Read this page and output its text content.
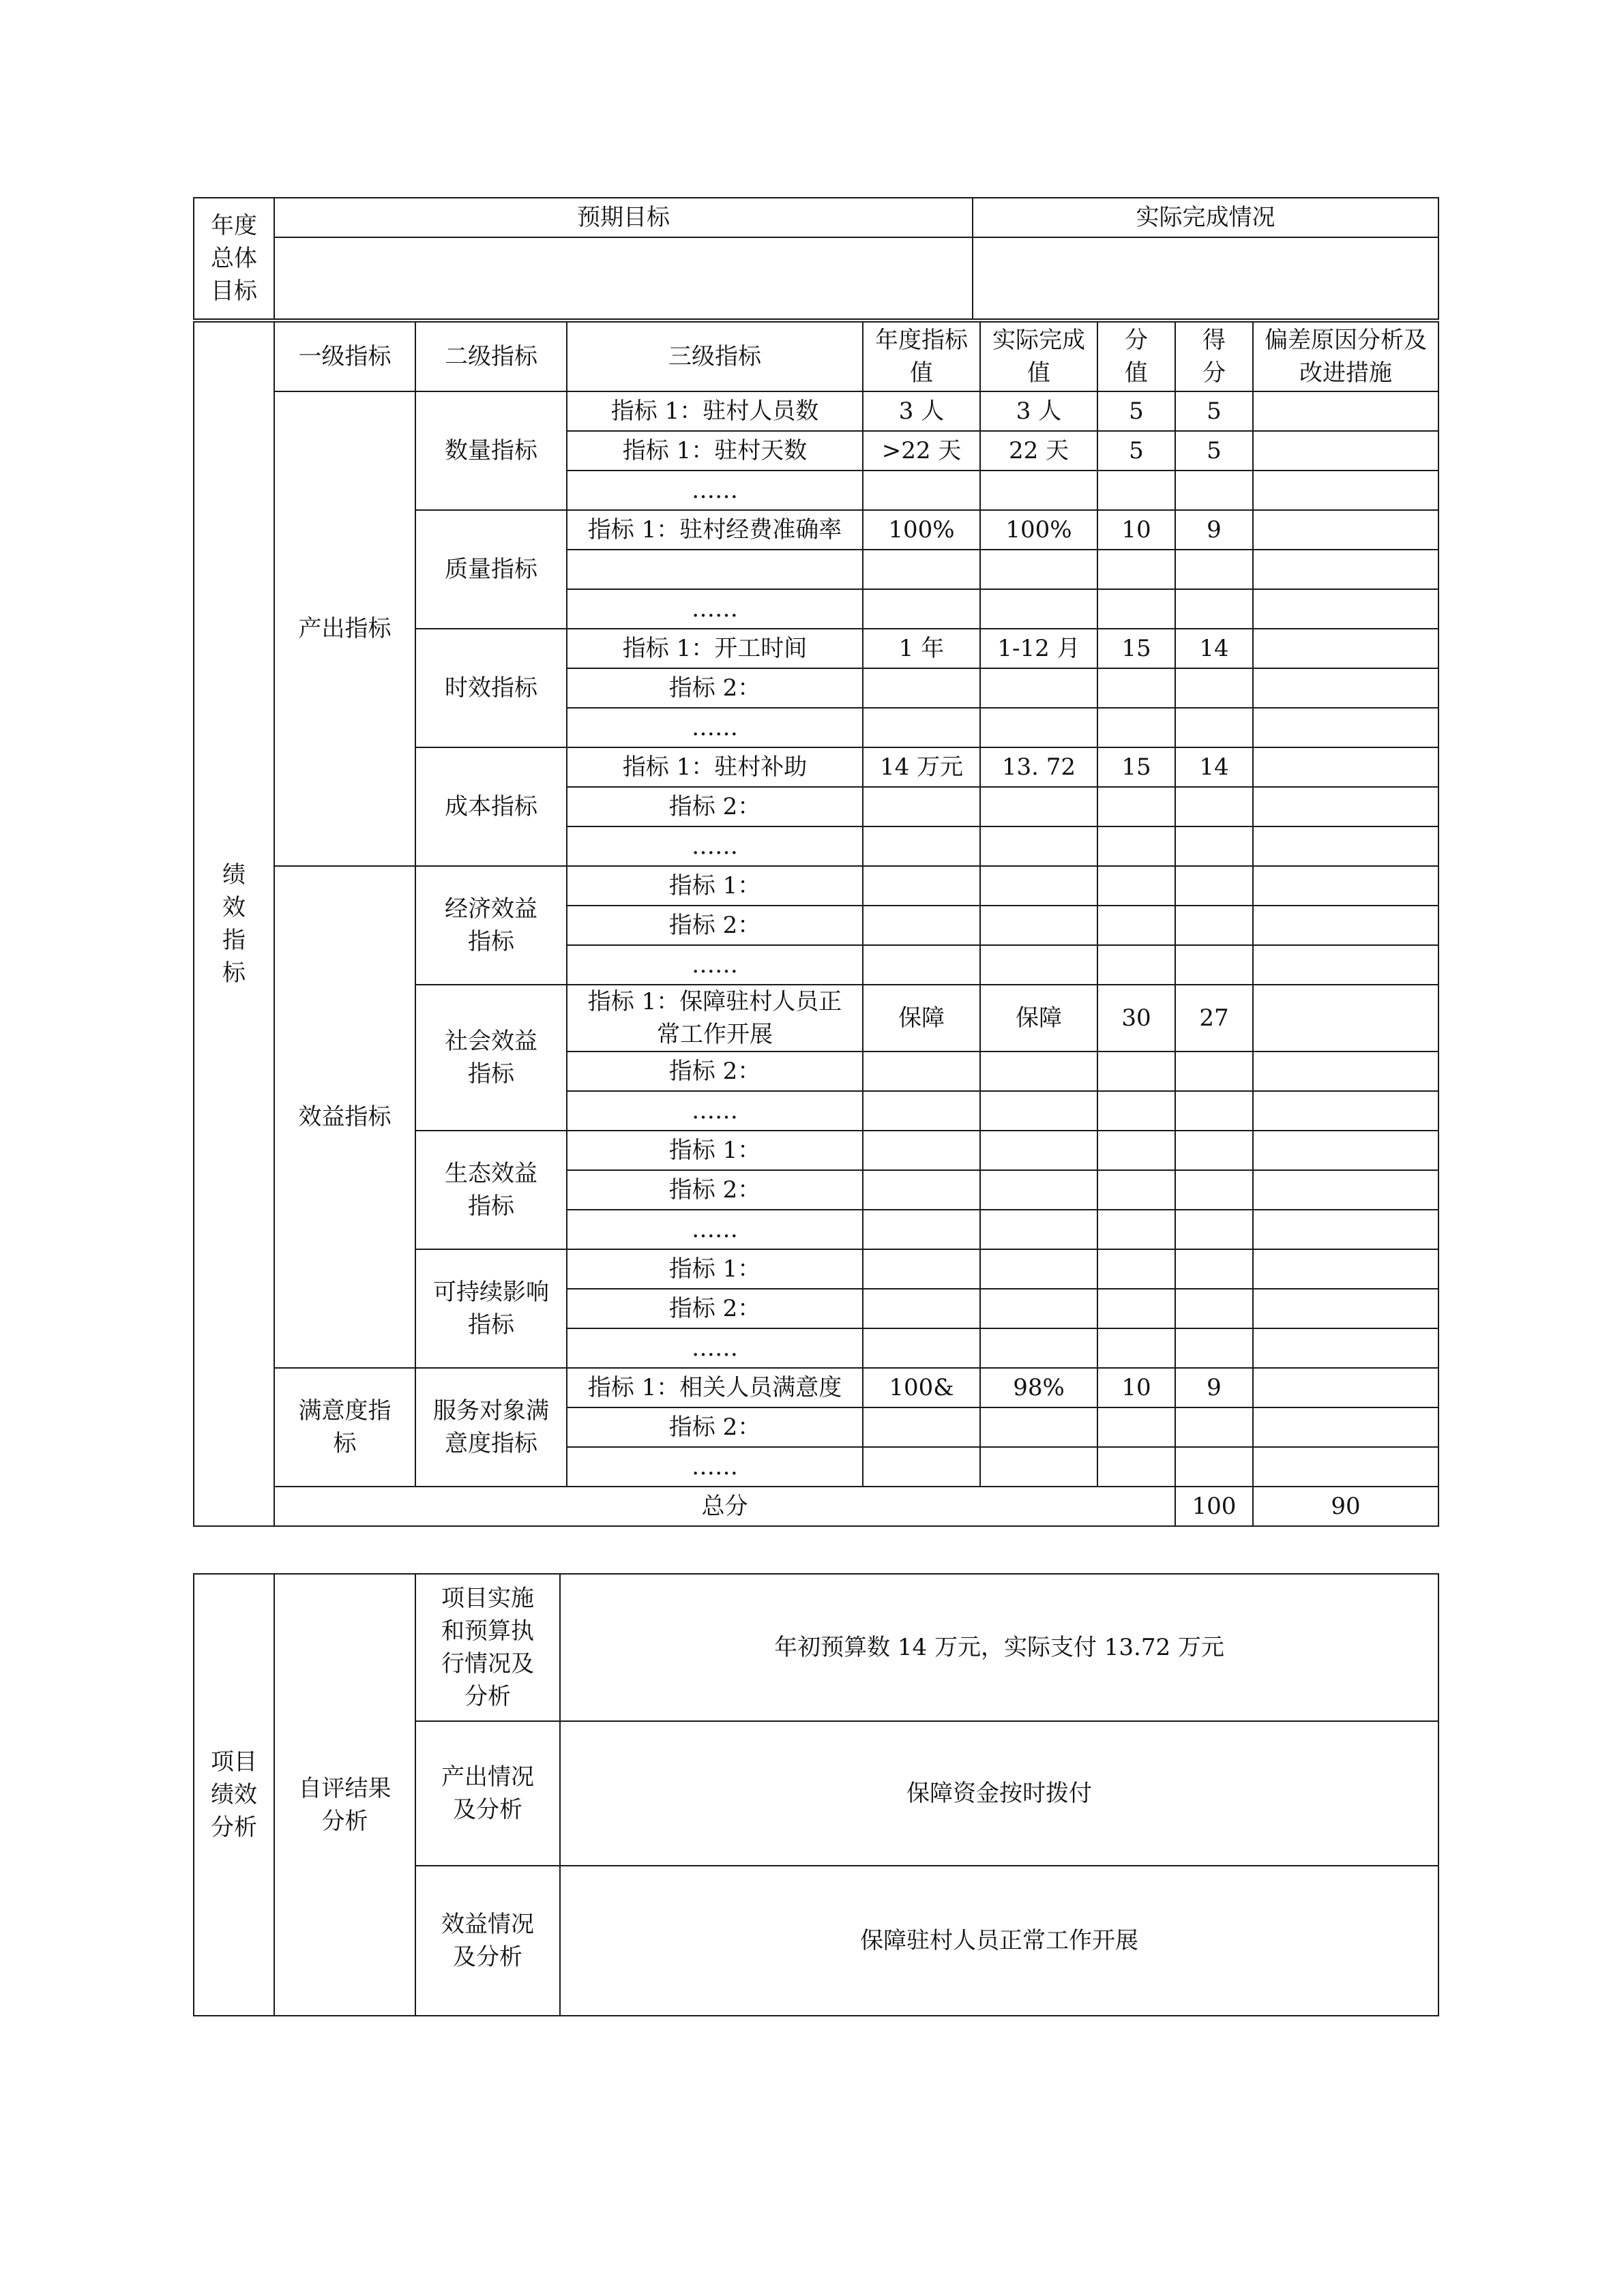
年度总体目标	预期目标	实际完成情况

绩效指标	一级指标	二级指标	三级指标	年度指标值	实际完成值	分值	得分	偏差原因分析及改进措施	
	产出指标	数量指标	指标 1：驻村人员数	3 人	3 人	5	5		
			指标 1：驻村天数	>22 天	22 天	5	5		
			……						
		质量指标	指标 1：驻村经费准确率	100%	100%	10	9		

			……						
		时效指标	指标 1：开工时间	1 年	1-12 月	15	14		
			指标 2：						
			……						
		成本指标	指标 1：驻村补助	14 万元	13. 72	15	14		
			指标 2：						
			……						
	效益指标	经济效益指标	指标 1：						
			指标 2：						
			……						
		社会效益指标	指标 1：保障驻村人员正常工作开展	保障	保障	30	27		
			指标 2：						
			……						
		生态效益指标	指标 1：						
			指标 2：						
			……						
		可持续影响指标	指标 1：						
			指标 2：						
			……						
	满意度指标	服务对象满意度指标	指标 1：相关人员满意度	100&	98%	10	9		
			指标 2：						
			……						
	总分						100	90	
项目绩效分析	自评结果分析	项目实施和预算执行情况及分析	年初预算数 14 万元，实际支付 13.72 万元
		产出情况及分析	保障资金按时拨付
		效益情况及分析	保障驻村人员正常工作开展
